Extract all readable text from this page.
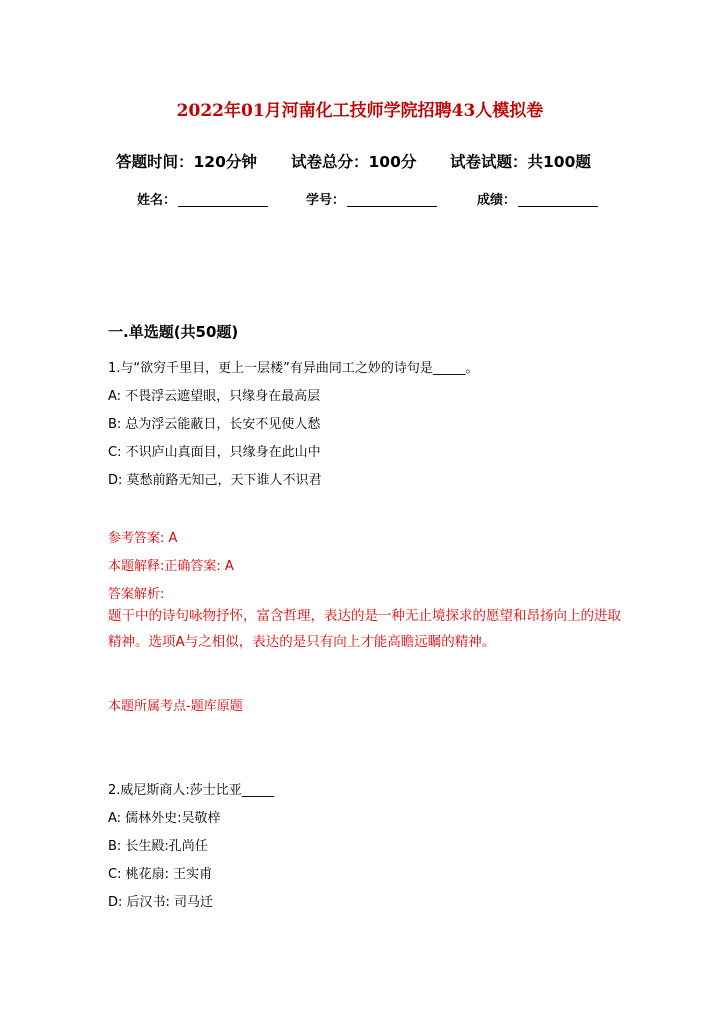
2022年01月河南化工技师学院招聘43人模拟卷
答题时间：120分钟 试卷总分：100分 试卷试题：共100题
姓名：	学号：	成绩：
一.单选题(共50题)
1.与“欲穷千里目，更上一层楼”有异曲同工之妙的诗句是_____。
A: 不畏浮云遮望眼，只缘身在最高层
B: 总为浮云能蔽日，长安不见使人愁
C: 不识庐山真面目，只缘身在此山中
D: 莫愁前路无知己，天下谁人不识君
参考答案: A
本题解释:正确答案: A
答案解析:
题干中的诗句咏物抒怀，富含哲理，表达的是一种无止境探求的愿望和昂扬向上的进取精神。选项A与之相似，表达的是只有向上才能高瞻远瞩的精神。
本题所属考点-题库原题
2.威尼斯商人:莎士比亚_____
A: 儒林外史:吴敬梓
B: 长生殿:孔尚任
C: 桃花扇: 王实甫
D: 后汉书: 司马迁
